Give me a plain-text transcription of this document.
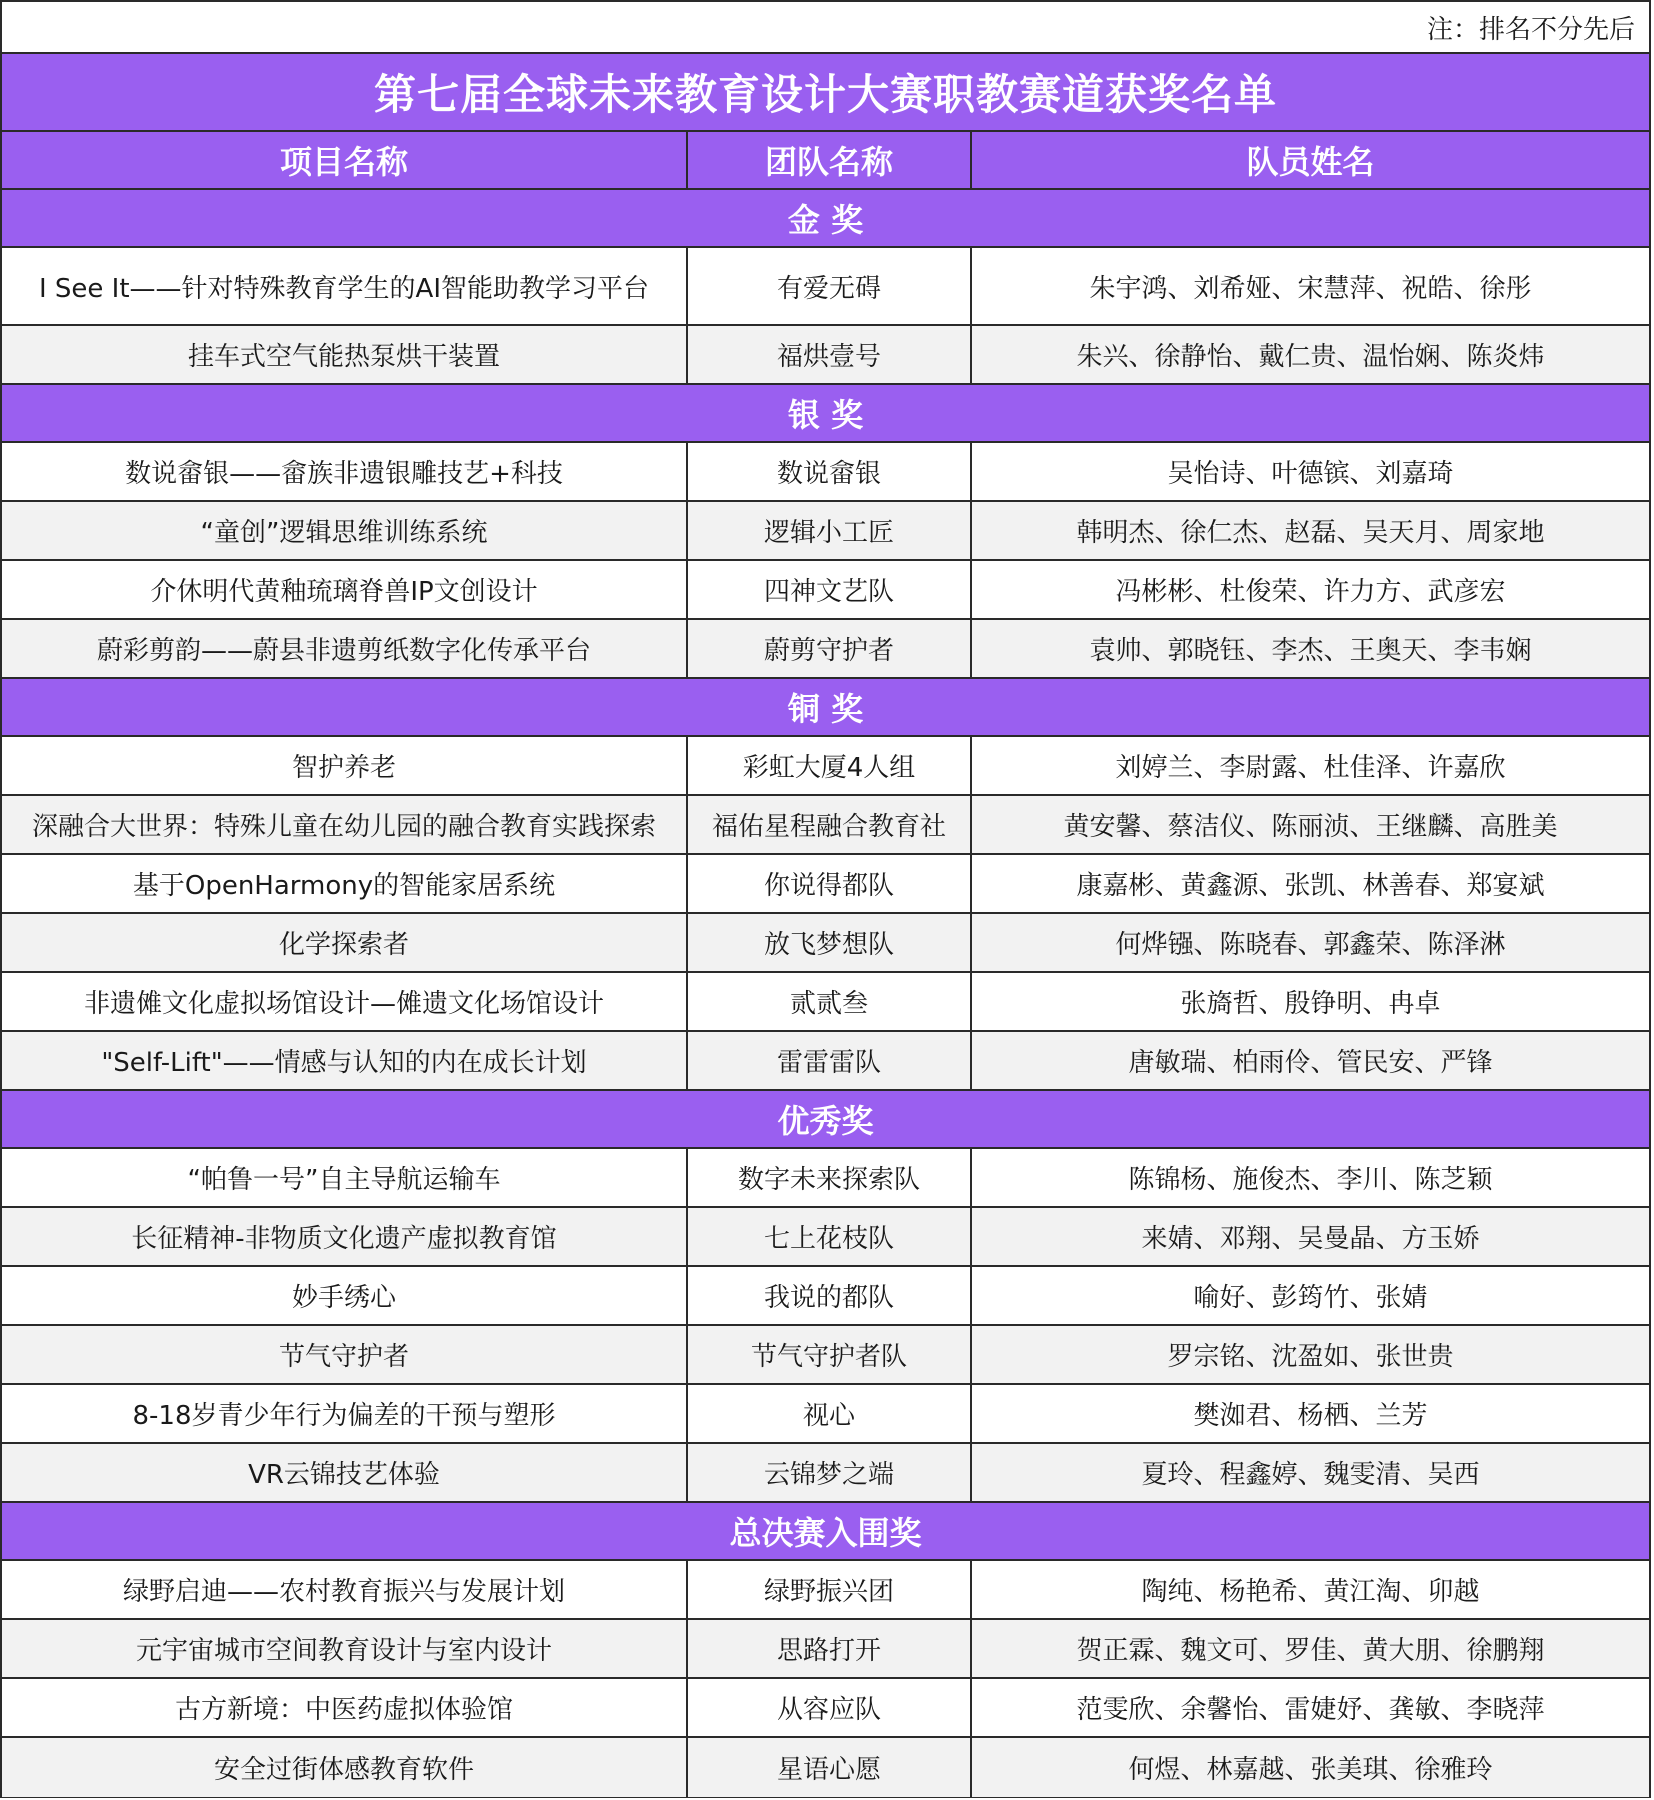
注：排名不分先后
第七届全球未来教育设计大赛职教赛道获奖名单
项目名称	团队名称	队员姓名
金 奖
I See It——针对特殊教育学生的AI智能助教学习平台	有爱无碍	朱宇鸿、刘希娅、宋慧萍、祝皓、徐彤
挂车式空气能热泵烘干装置	福烘壹号	朱兴、徐静怡、戴仁贵、温怡娴、陈炎炜
银 奖
数说畲银——畲族非遗银雕技艺+科技	数说畲银	吴怡诗、叶德镔、刘嘉琦
“童创”逻辑思维训练系统	逻辑小工匠	韩明杰、徐仁杰、赵磊、吴天月、周家地
介休明代黄釉琉璃脊兽IP文创设计	四神文艺队	冯彬彬、杜俊荣、许力方、武彦宏
蔚彩剪韵——蔚县非遗剪纸数字化传承平台	蔚剪守护者	袁帅、郭晓钰、李杰、王奥天、李韦娴
铜 奖
智护养老	彩虹大厦4人组	刘婷兰、李尉露、杜佳泽、许嘉欣
深融合大世界：特殊儿童在幼儿园的融合教育实践探索	福佑星程融合教育社	黄安馨、蔡洁仪、陈丽浈、王继麟、高胜美
基于OpenHarmony的智能家居系统	你说得都队	康嘉彬、黄鑫源、张凯、林善春、郑宴斌
化学探索者	放飞梦想队	何烨镪、陈晓春、郭鑫荣、陈泽淋
非遗傩文化虚拟场馆设计—傩遗文化场馆设计	贰贰叁	张旖哲、殷铮明、冉卓
"Self-Lift"——情感与认知的内在成长计划	雷雷雷队	唐敏瑞、柏雨伶、管民安、严锋
优秀奖
“帕鲁一号”自主导航运输车	数字未来探索队	陈锦杨、施俊杰、李川、陈芝颖
长征精神-非物质文化遗产虚拟教育馆	七上花枝队	来婧、邓翔、吴曼晶、方玉娇
妙手绣心	我说的都队	喻好、彭筠竹、张婧
节气守护者	节气守护者队	罗宗铭、沈盈如、张世贵
8-18岁青少年行为偏差的干预与塑形	视心	樊洳君、杨栖、兰芳
VR云锦技艺体验	云锦梦之端	夏玲、程鑫婷、魏雯清、吴西
总决赛入围奖
绿野启迪——农村教育振兴与发展计划	绿野振兴团	陶纯、杨艳希、黄江淘、卯越
元宇宙城市空间教育设计与室内设计	思路打开	贺正霖、魏文可、罗佳、黄大朋、徐鹏翔
古方新境：中医药虚拟体验馆	从容应队	范雯欣、余馨怡、雷婕妤、龚敏、李晓萍
安全过街体感教育软件	星语心愿	何煜、林嘉越、张美琪、徐雅玲
